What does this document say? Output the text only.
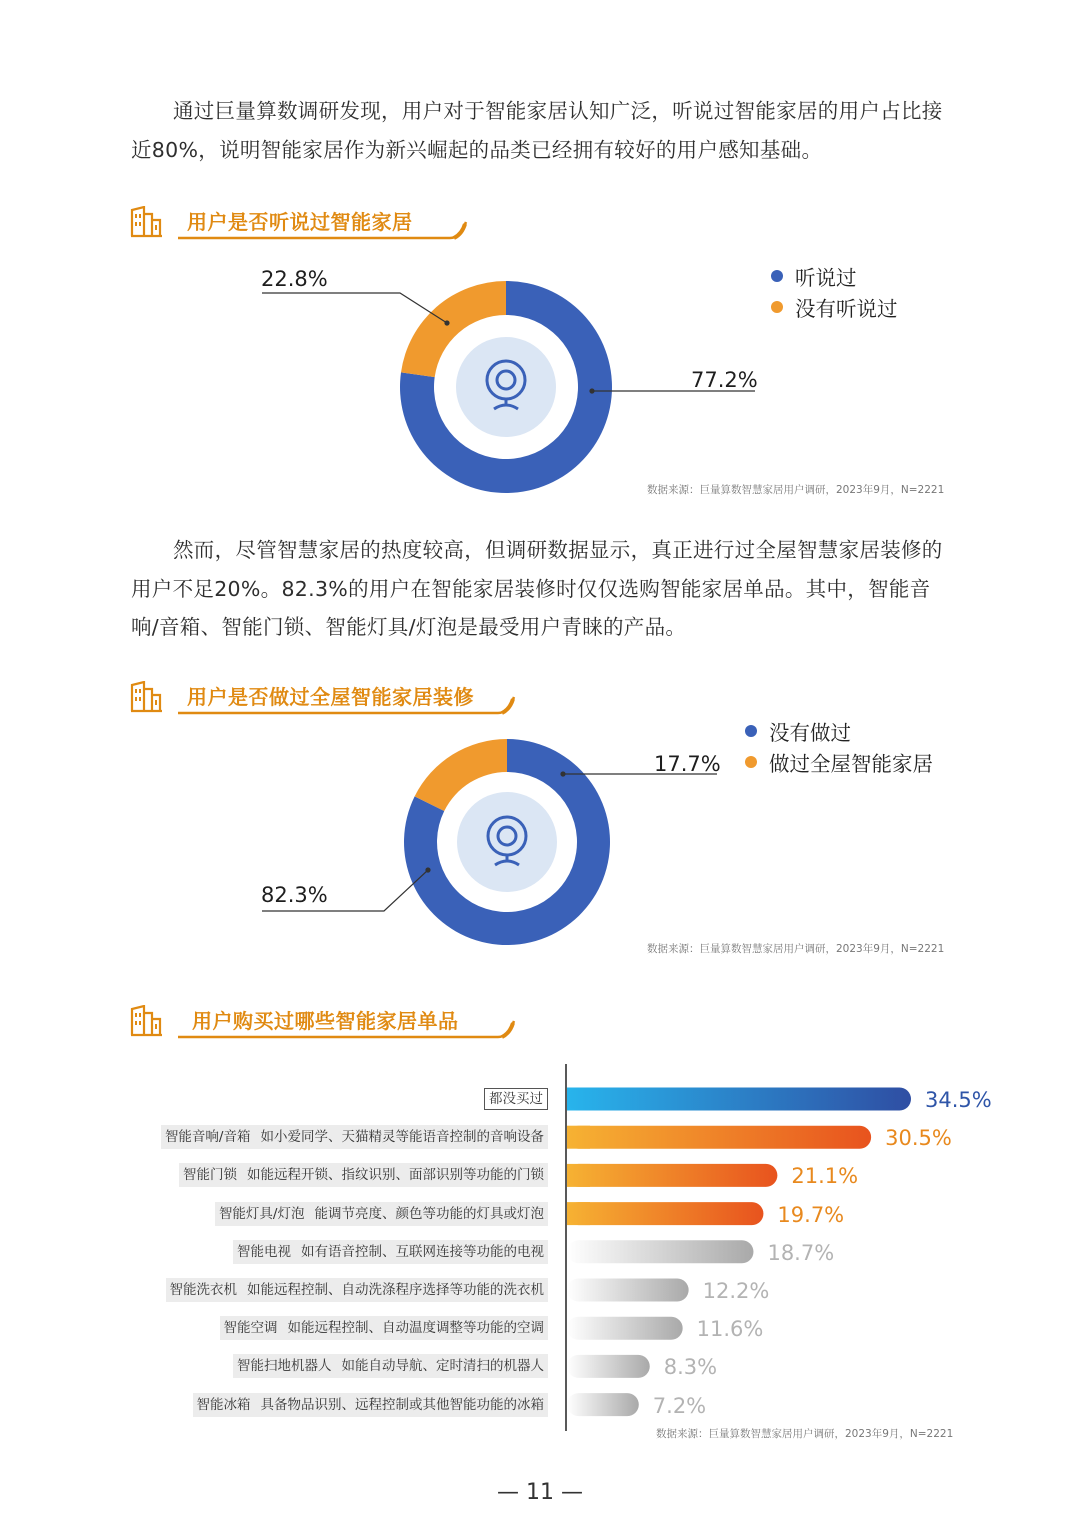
通过巨量算数调研发现，用户对于智能家居认知广泛，听说过智能家居的用户占比接近80%，说明智能家居作为新兴崛起的品类已经拥有较好的用户感知基础。

用户是否听说过智能家居
用户是否做过全屋智能家居装修
用户购买过哪些智能家居单品
22.8%
77.2%
听说过
没有听说过
数据来源：巨量算数智慧家居用户调研，2023年9月，N=2221

然而，尽管智慧家居的热度较高，但调研数据显示，真正进行过全屋智慧家居装修的用户不足20%。82.3%的用户在智能家居装修时仅仅选购智能家居单品。其中，智能音响/音箱、智能门锁、智能灯具/灯泡是最受用户青睐的产品。

17.7%
82.3%
没有做过
做过全屋智能家居
数据来源：巨量算数智慧家居用户调研，2023年9月，N=2221
34.5%
都没买过
30.5%
智能音响/音箱 如小爱同学、天猫精灵等能语音控制的音响设备
21.1%
智能门锁 如能远程开锁、指纹识别、面部识别等功能的门锁
19.7%
智能灯具/灯泡 能调节亮度、颜色等功能的灯具或灯泡
18.7%
智能电视 如有语音控制、互联网连接等功能的电视
12.2%
智能洗衣机 如能远程控制、自动洗涤程序选择等功能的洗衣机
11.6%
智能空调 如能远程控制、自动温度调整等功能的空调
8.3%
智能扫地机器人 如能自动导航、定时清扫的机器人
7.2%
智能冰箱 具备物品识别、远程控制或其他智能功能的冰箱
数据来源：巨量算数智慧家居用户调研，2023年9月，N=2221
— 11 —
